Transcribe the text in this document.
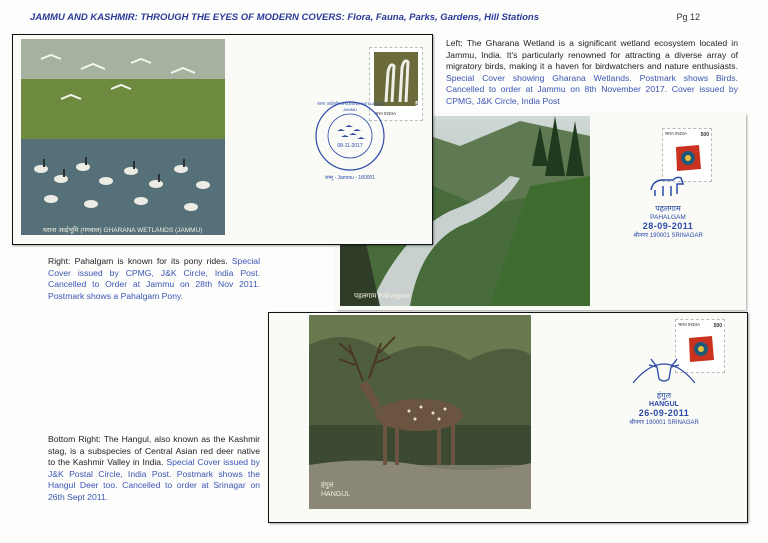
JAMMU AND KASHMIR: THROUGH THE EYES OF MODERN COVERS: Flora, Fauna, Parks, Gardens, Hill Stations	Pg 12
Left: The Gharana Wetland is a significant wetland ecosystem located in Jammu, India. It's particularly renowned for attracting a diverse array of migratory birds, making it a haven for birdwatchers and nature enthusiasts. Special Cover showing Gharana Wetlands. Postmark shows Birds. Cancelled to order at Jammu on 8th November 2017. Cover issued by CPMG, J&K Circle, India Post
Right: Pahalgam is known for its pony rides. Special Cover issued by CPMG, J&K Circle, India Post. Cancelled to Order at Jammu on 28th Nov 2011. Postmark shows a Pahalgam Pony.
Bottom Right: The Hangul, also known as the Kashmir stag, is a subspecies of Central Asian red deer native to the Kashmir Valley in India. Special Cover issued by J&K Postal Circle, India Post. Postmark shows the Hangul Deer too. Cancelled to order at Srinagar on 26th Sept 2011.
पहलगाम Pahalgam
भारत INDIA	500
पहलगाम
PAHALGAM
28-09-2011
श्रीनगर 190001 SRINAGAR
घराना आर्द्रभूमि (गगवाल) GHARANA WETLANDS (JAMMU)
5
भारत INDIA
घराना आर्द्रभूमि GHARANA WETLANDS JAMMU
08-11-2017
जम्मू - Jammu - 180001
हंगुल
HANGUL
भारत INDIA	500
हंगुल
HANGUL
26-09-2011
श्रीनगर 190001 SRINAGAR
